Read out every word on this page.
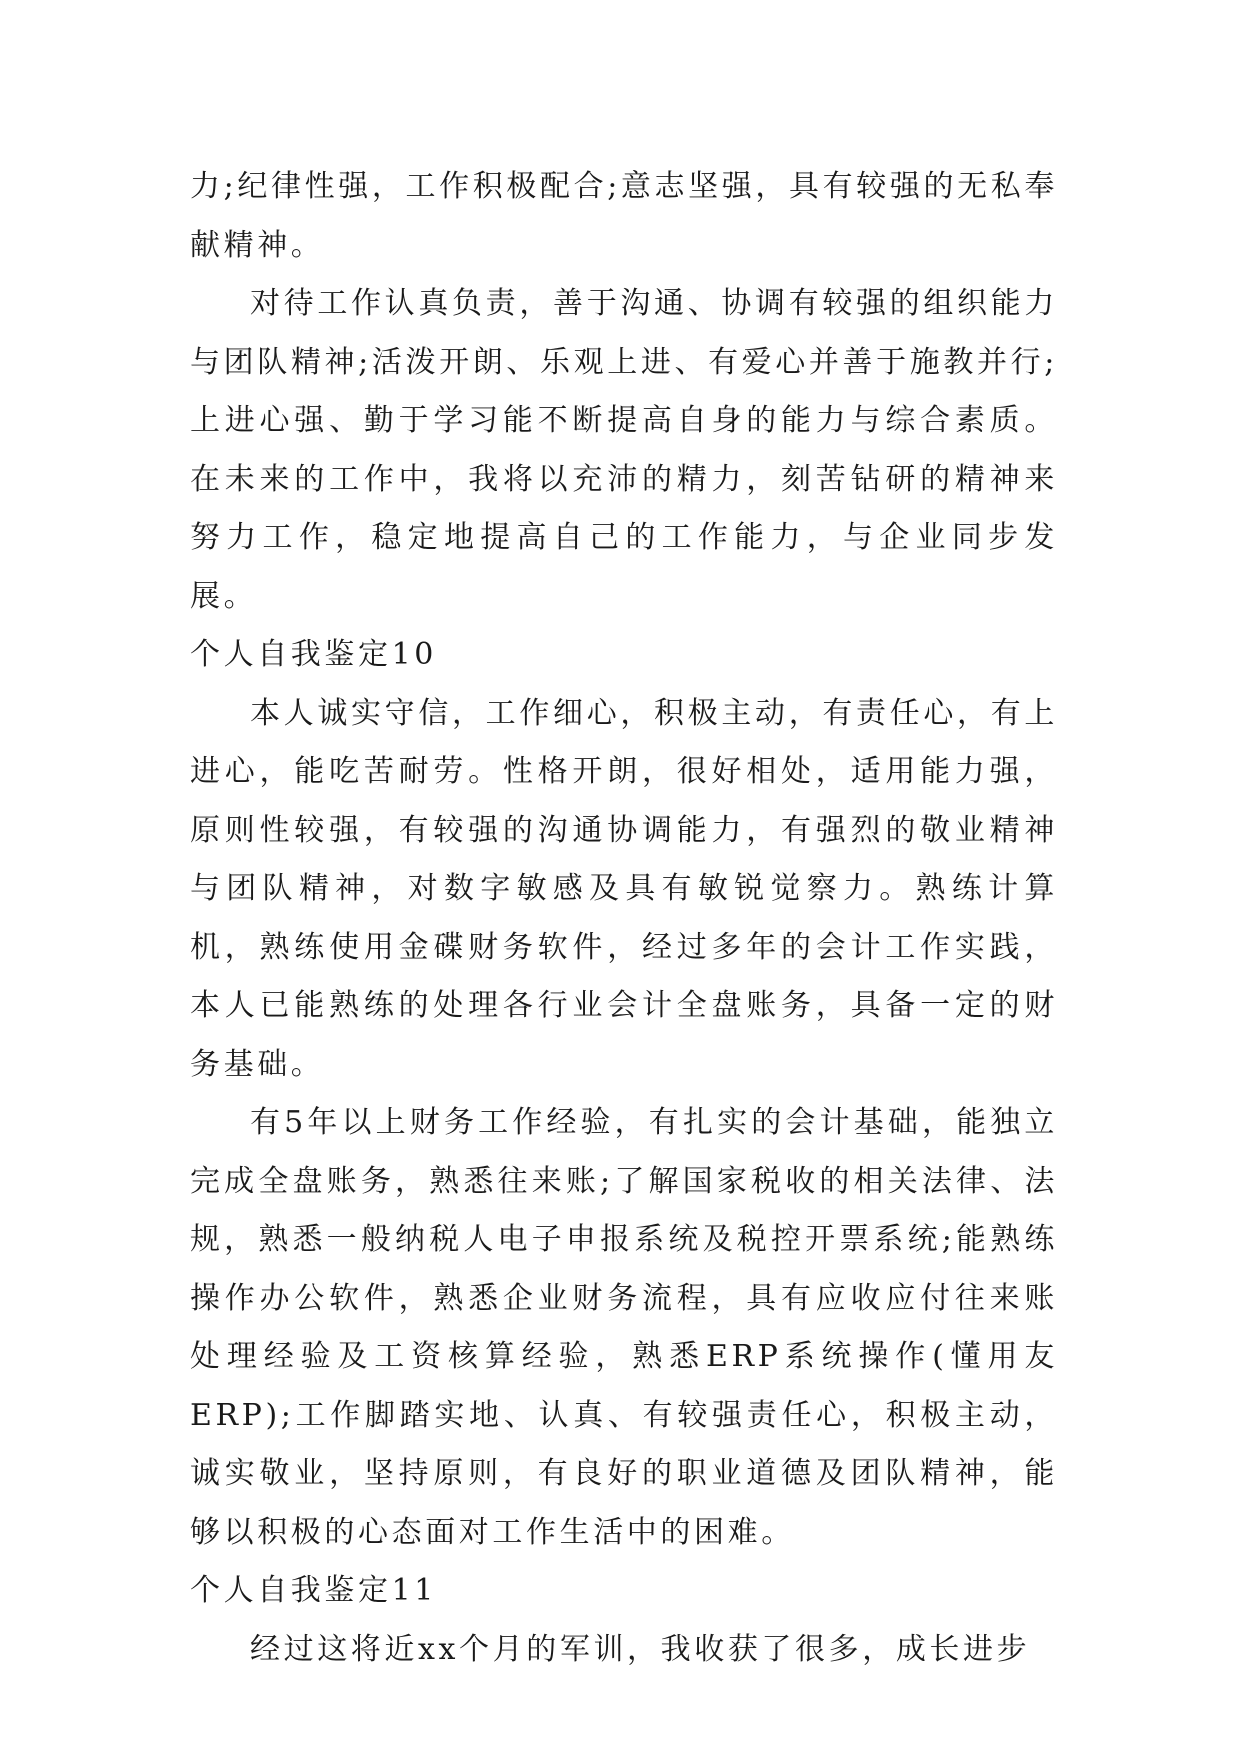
力;纪律性强，工作积极配合;意志坚强，具有较强的无私奉献精神。

对待工作认真负责，善于沟通、协调有较强的组织能力与团队精神;活泼开朗、乐观上进、有爱心并善于施教并行;上进心强、勤于学习能不断提高自身的能力与综合素质。在未来的工作中，我将以充沛的精力，刻苦钻研的精神来努力工作，稳定地提高自己的工作能力，与企业同步发展。

个人自我鉴定10

本人诚实守信，工作细心，积极主动，有责任心，有上进心，能吃苦耐劳。性格开朗，很好相处，适用能力强，原则性较强，有较强的沟通协调能力，有强烈的敬业精神与团队精神，对数字敏感及具有敏锐觉察力。熟练计算机，熟练使用金碟财务软件，经过多年的会计工作实践，本人已能熟练的处理各行业会计全盘账务，具备一定的财务基础。

有5年以上财务工作经验，有扎实的会计基础，能独立完成全盘账务，熟悉往来账;了解国家税收的相关法律、法规，熟悉一般纳税人电子申报系统及税控开票系统;能熟练操作办公软件，熟悉企业财务流程，具有应收应付往来账处理经验及工资核算经验，熟悉ERP系统操作(懂用友ERP);工作脚踏实地、认真、有较强责任心，积极主动，诚实敬业，坚持原则，有良好的职业道德及团队精神，能够以积极的心态面对工作生活中的困难。

个人自我鉴定11

经过这将近xx个月的军训，我收获了很多，成长进步
